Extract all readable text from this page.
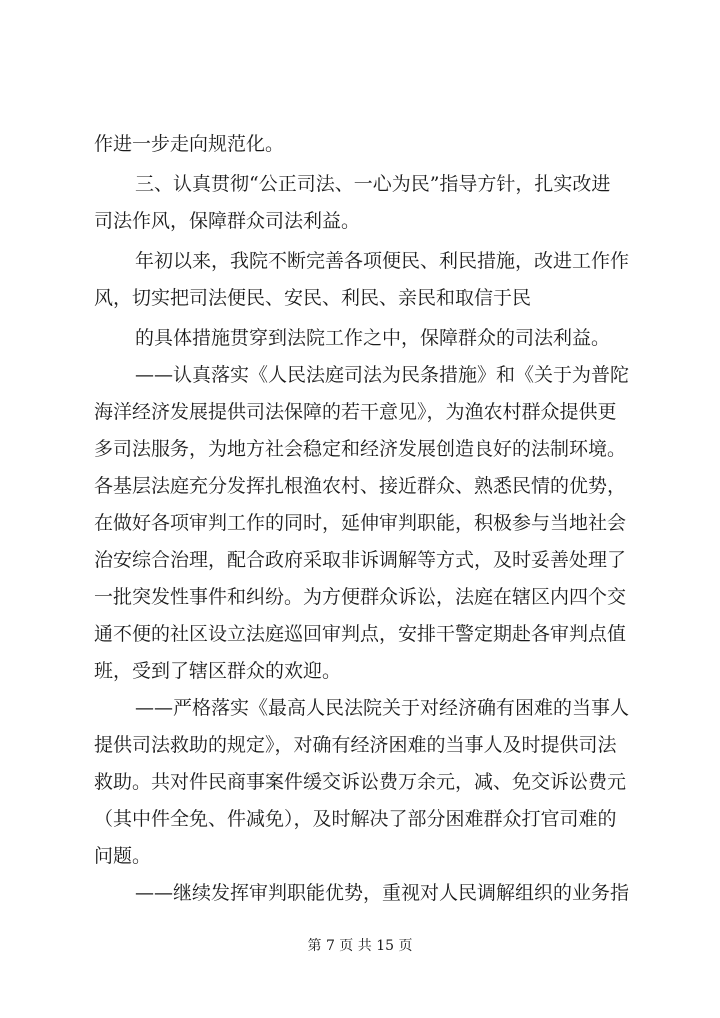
作进一步走向规范化。
三、认真贯彻“公正司法、一心为民”指导方针，扎实改进
司法作风，保障群众司法利益。
年初以来，我院不断完善各项便民、利民措施，改进工作作
风，切实把司法便民、安民、利民、亲民和取信于民
的具体措施贯穿到法院工作之中，保障群众的司法利益。
——认真落实《人民法庭司法为民条措施》和《关于为普陀
海洋经济发展提供司法保障的若干意见》，为渔农村群众提供更
多司法服务，为地方社会稳定和经济发展创造良好的法制环境。
各基层法庭充分发挥扎根渔农村、接近群众、熟悉民情的优势，
在做好各项审判工作的同时，延伸审判职能，积极参与当地社会
治安综合治理，配合政府采取非诉调解等方式，及时妥善处理了
一批突发性事件和纠纷。为方便群众诉讼，法庭在辖区内四个交
通不便的社区设立法庭巡回审判点，安排干警定期赴各审判点值
班，受到了辖区群众的欢迎。
——严格落实《最高人民法院关于对经济确有困难的当事人
提供司法救助的规定》，对确有经济困难的当事人及时提供司法
救助。共对件民商事案件缓交诉讼费万余元，减、免交诉讼费元
（其中件全免、件减免），及时解决了部分困难群众打官司难的
问题。
——继续发挥审判职能优势，重视对人民调解组织的业务指
第 7 页 共 15 页
